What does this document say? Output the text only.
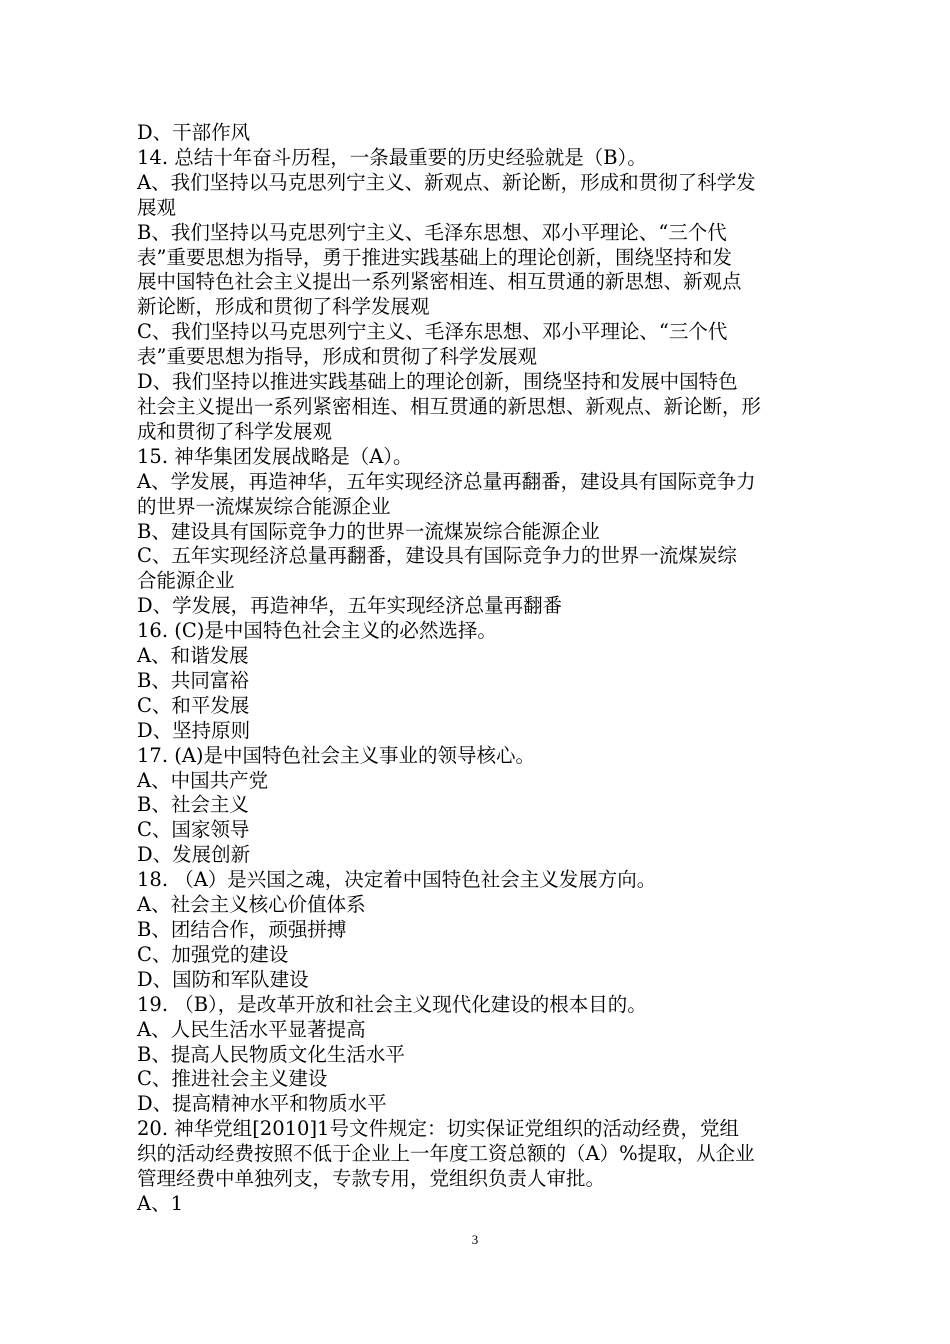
D、干部作风

14. 总结十年奋斗历程，一条最重要的历史经验就是（B）。

A、我们坚持以马克思列宁主义、新观点、新论断，形成和贯彻了科学发

展观

B、我们坚持以马克思列宁主义、毛泽东思想、邓小平理论、“三个代

表”重要思想为指导，勇于推进实践基础上的理论创新，围绕坚持和发

展中国特色社会主义提出一系列紧密相连、相互贯通的新思想、新观点

新论断，形成和贯彻了科学发展观

C、我们坚持以马克思列宁主义、毛泽东思想、邓小平理论、“三个代

表”重要思想为指导，形成和贯彻了科学发展观

D、我们坚持以推进实践基础上的理论创新，围绕坚持和发展中国特色

社会主义提出一系列紧密相连、相互贯通的新思想、新观点、新论断，形

成和贯彻了科学发展观

15. 神华集团发展战略是（A）。

A、学发展，再造神华，五年实现经济总量再翻番，建设具有国际竞争力

的世界一流煤炭综合能源企业

B、建设具有国际竞争力的世界一流煤炭综合能源企业

C、五年实现经济总量再翻番，建设具有国际竞争力的世界一流煤炭综

合能源企业

D、学发展，再造神华，五年实现经济总量再翻番

16. (C)是中国特色社会主义的必然选择。

A、和谐发展

B、共同富裕

C、和平发展

D、坚持原则

17. (A)是中国特色社会主义事业的领导核心。

A、中国共产党

B、社会主义

C、国家领导

D、发展创新

18. （A）是兴国之魂，决定着中国特色社会主义发展方向。

A、社会主义核心价值体系

B、团结合作，顽强拼搏

C、加强党的建设

D、国防和军队建设

19. （B），是改革开放和社会主义现代化建设的根本目的。

A、人民生活水平显著提高

B、提高人民物质文化生活水平

C、推进社会主义建设

D、提高精神水平和物质水平

20. 神华党组[2010]1号文件规定：切实保证党组织的活动经费，党组

织的活动经费按照不低于企业上一年度工资总额的（A）%提取，从企业

管理经费中单独列支，专款专用，党组织负责人审批。

A、1

3
